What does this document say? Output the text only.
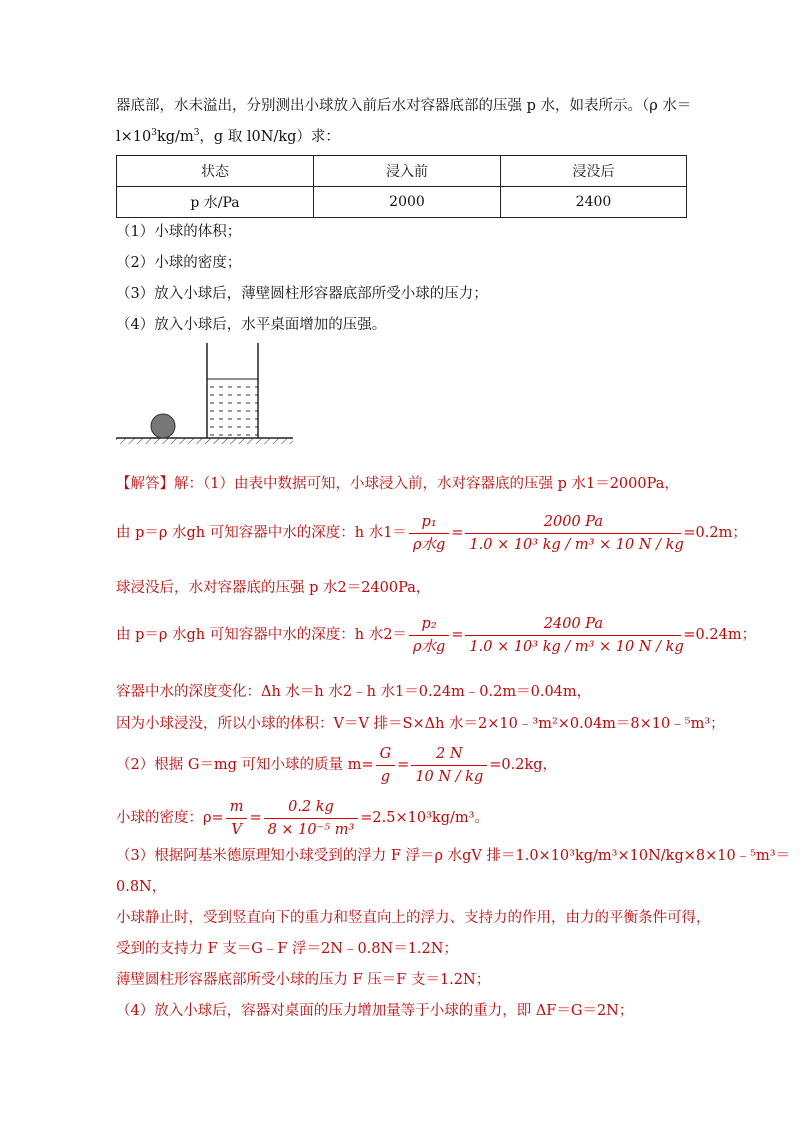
器底部，水未溢出，分别测出小球放入前后水对容器底部的压强 p 水，如表所示。（ρ 水＝
$l\times 10^3kg/m^3$，g 取 l0N/kg）求：
状态	浸入前	浸没后
p 水/Pa	2000	2400
（1）小球的体积；
（2）小球的密度；
（3）放入小球后，薄壁圆柱形容器底部所受小球的压力；
（4）放入小球后，水平桌面增加的压强。
【解答】解：（1）由表中数据可知，小球浸入前，水对容器底的压强 p 水1＝2000Pa，
由 p＝ρ 水gh 可知容器中水的深度：h 水$1= \frac{\text{p₁}}{\text{ρ水g}} = \frac{2000 Pa}{\text{1.0 × 10³ kg / m³ × 10 N / kg}} =0.2m$；
球浸没后，水对容器底的压强 p 水2＝2400Pa，
由 p＝ρ 水gh 可知容器中水的深度：h 水$2= \frac{\text{p₂}}{\text{ρ水g}} = \frac{2400 Pa}{\text{1.0 × 10³ kg / m³ × 10 N / kg}} =0.24m$；
容器中水的深度变化：Δh 水＝h 水2﹣h 水1＝0.24m﹣0.2m＝0.04m，
因为小球浸没，所以小球的体积：V＝V 排＝S×Δh 水＝2×10﹣³m²×0.04m＝8×10﹣⁵m³；
（2）根据 G＝mg 可知小球的质量 $m= \frac{G}{g} = \frac{2 N}{10 N / kg} =0.2kg$，
小球的密度：$\rho= \frac{m}{V} = \frac{0.2 kg}{\text{8 × 10⁻⁵ m³}} =2.5\times 10^3kg/m^3$。
（3）根据阿基米德原理知小球受到的浮力 F 浮＝ρ 水gV 排＝1.0×10³kg/m³×10N/kg×8×10﹣⁵m³＝
0.8N，
小球静止时，受到竖直向下的重力和竖直向上的浮力、支持力的作用，由力的平衡条件可得，
受到的支持力 F 支＝G﹣F 浮＝2N﹣0.8N＝1.2N；
薄壁圆柱形容器底部所受小球的压力 F 压＝F 支＝1.2N；
（4）放入小球后，容器对桌面的压力增加量等于小球的重力，即 ΔF＝G＝2N；
